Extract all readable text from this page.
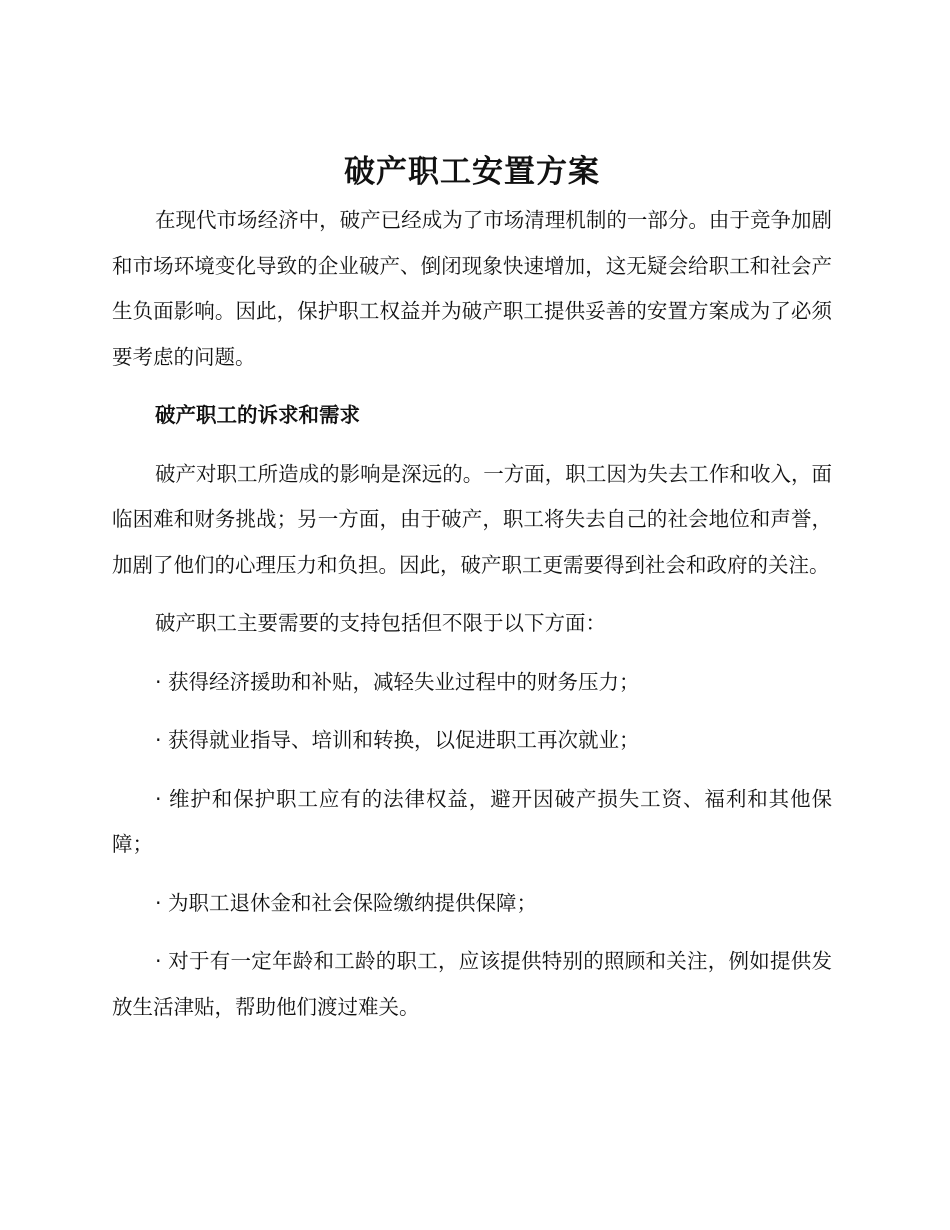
破产职工安置方案

在现代市场经济中，破产已经成为了市场清理机制的一部分。由于竞争加剧和市场环境变化导致的企业破产、倒闭现象快速增加，这无疑会给职工和社会产生负面影响。因此，保护职工权益并为破产职工提供妥善的安置方案成为了必须要考虑的问题。

破产职工的诉求和需求

破产对职工所造成的影响是深远的。一方面，职工因为失去工作和收入，面临困难和财务挑战；另一方面，由于破产，职工将失去自己的社会地位和声誉，加剧了他们的心理压力和负担。因此，破产职工更需要得到社会和政府的关注。

破产职工主要需要的支持包括但不限于以下方面：

· 获得经济援助和补贴，减轻失业过程中的财务压力；

· 获得就业指导、培训和转换，以促进职工再次就业；

· 维护和保护职工应有的法律权益，避开因破产损失工资、福利和其他保障；

· 为职工退休金和社会保险缴纳提供保障；

· 对于有一定年龄和工龄的职工，应该提供特别的照顾和关注，例如提供发放生活津贴，帮助他们渡过难关。
